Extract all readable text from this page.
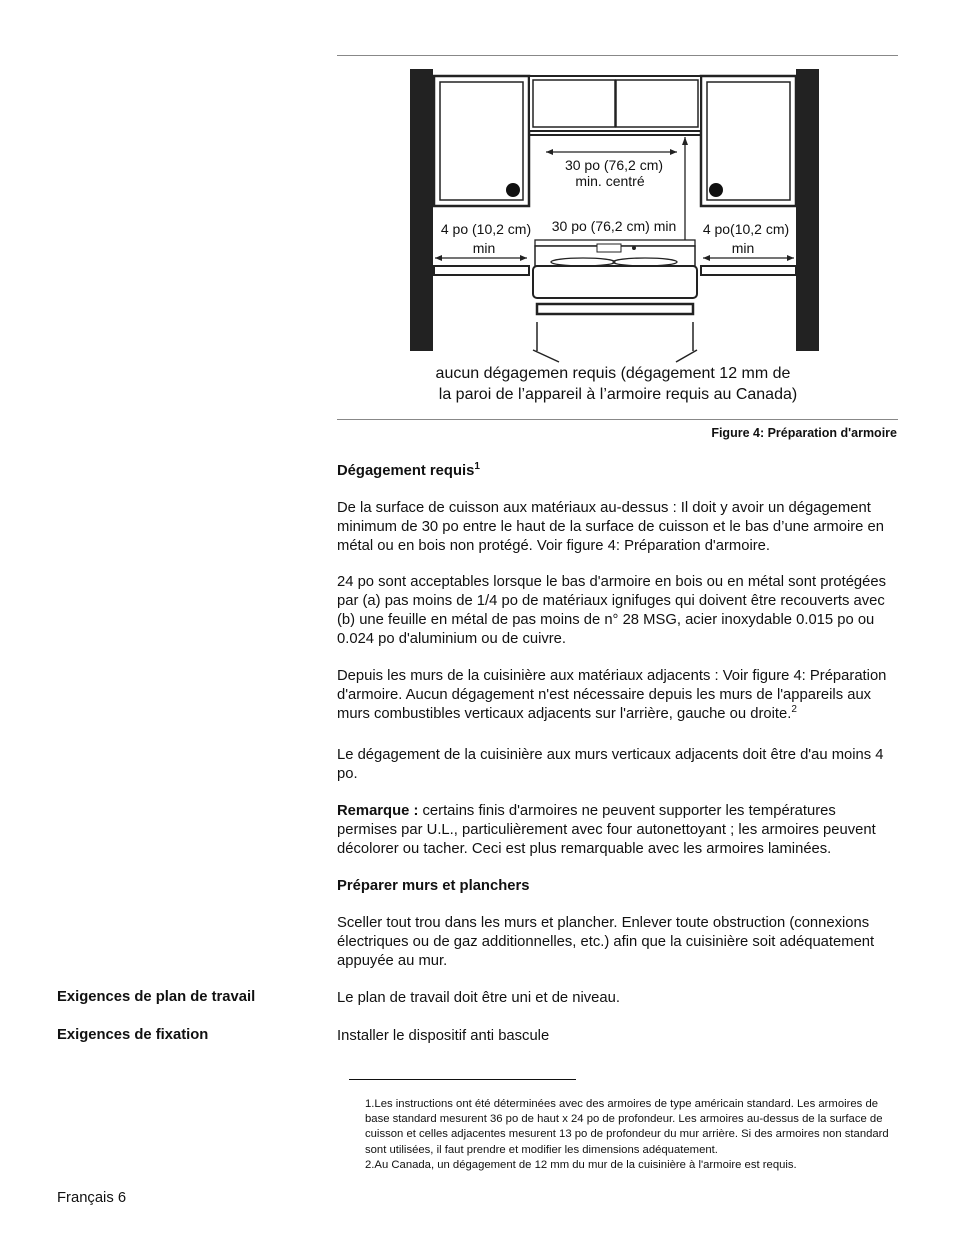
30 po (76,2 cm)
min. centré
4 po (10,2 cm)
min
30 po (76,2 cm) min 4 po(10,2 cm)
min
aucun dégagemen requis (dégagement 12 mm de
la paroi de l’appareil à l’armoire requis au Canada)
Figure 4: Préparation d'armoire
Dégagement requis$^1$

De la surface de cuisson aux matériaux au-dessus : Il doit y avoir un dégagement minimum de 30 po entre le haut de la surface de cuisson et le bas d’une armoire en métal ou en bois non protégé. Voir figure 4: Préparation d'armoire.

24 po sont acceptables lorsque le bas d'armoire en bois ou en métal sont protégées par (a) pas moins de 1/4 po de matériaux ignifuges qui doivent être recouverts avec (b) une feuille en métal de pas moins de n° 28 MSG, acier inoxydable 0.015 po ou 0.024 po d'aluminium ou de cuivre.

Depuis les murs de la cuisinière aux matériaux adjacents : Voir figure 4: Préparation d'armoire. Aucun dégagement n'est nécessaire depuis les murs de l'appareils aux murs combustibles verticaux adjacents sur l'arrière, gauche ou droite.$^2$

Le dégagement de la cuisinière aux murs verticaux adjacents doit être d'au moins 4 po.

Remarque : certains finis d'armoires ne peuvent supporter les températures permises par U.L., particulièrement avec four autonettoyant ; les armoires peuvent décolorer ou tacher. Ceci est plus remarquable avec les armoires laminées.

Préparer murs et planchers

Sceller tout trou dans les murs et plancher. Enlever toute obstruction (connexions électriques ou de gaz additionnelles, etc.) afin que la cuisinière soit adéquatement appuyée au mur.

Exigences de plan de travail	Le plan de travail doit être uni et de niveau.
Exigences de fixation	Installer le dispositif anti bascule
1.Les instructions ont été déterminées avec des armoires de type américain standard. Les armoires de base standard mesurent 36 po de haut x 24 po de profondeur. Les armoires au-dessus de la surface de cuisson et celles adjacentes mesurent 13 po de profondeur du mur arrière. Si des armoires non standard sont utilisées, il faut prendre et modifier les dimensions adéquatement.
2.Au Canada, un dégagement de 12 mm du mur de la cuisinière à l'armoire est requis.
Français 6
